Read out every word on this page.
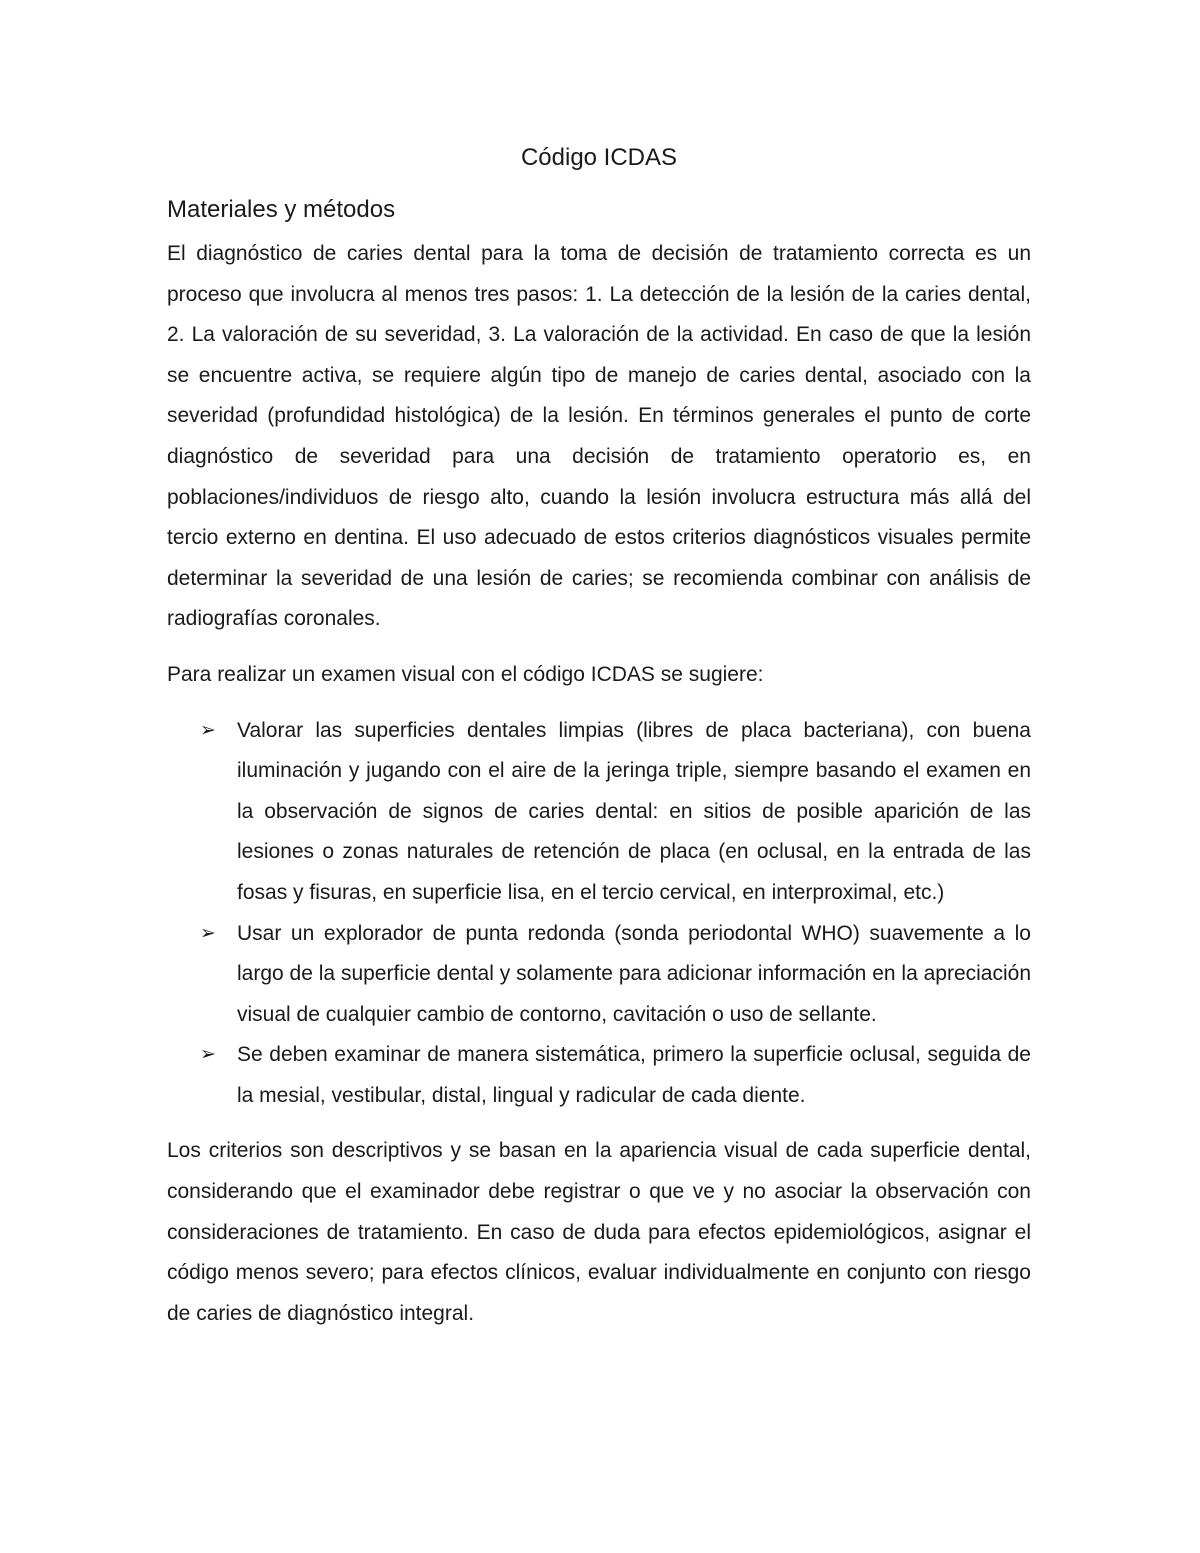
Código ICDAS
Materiales y métodos

El diagnóstico de caries dental para la toma de decisión de tratamiento correcta es un proceso que involucra al menos tres pasos: 1. La detección de la lesión de la caries dental, 2. La valoración de su severidad, 3. La valoración de la actividad. En caso de que la lesión se encuentre activa, se requiere algún tipo de manejo de caries dental, asociado con la severidad (profundidad histológica) de la lesión. En términos generales el punto de corte diagnóstico de severidad para una decisión de tratamiento operatorio es, en poblaciones/individuos de riesgo alto, cuando la lesión involucra estructura más allá del tercio externo en dentina. El uso adecuado de estos criterios diagnósticos visuales permite determinar la severidad de una lesión de caries; se recomienda combinar con análisis de radiografías coronales.

Para realizar un examen visual con el código ICDAS se sugiere:

➢ Valorar las superficies dentales limpias (libres de placa bacteriana), con buena iluminación y jugando con el aire de la jeringa triple, siempre basando el examen en la observación de signos de caries dental: en sitios de posible aparición de las lesiones o zonas naturales de retención de placa (en oclusal, en la entrada de las fosas y fisuras, en superficie lisa, en el tercio cervical, en interproximal, etc.)
➢ Usar un explorador de punta redonda (sonda periodontal WHO) suavemente a lo largo de la superficie dental y solamente para adicionar información en la apreciación visual de cualquier cambio de contorno, cavitación o uso de sellante.
➢ Se deben examinar de manera sistemática, primero la superficie oclusal, seguida de la mesial, vestibular, distal, lingual y radicular de cada diente.

Los criterios son descriptivos y se basan en la apariencia visual de cada superficie dental, considerando que el examinador debe registrar o que ve y no asociar la observación con consideraciones de tratamiento. En caso de duda para efectos epidemiológicos, asignar el código menos severo; para efectos clínicos, evaluar individualmente en conjunto con riesgo de caries de diagnóstico integral.
